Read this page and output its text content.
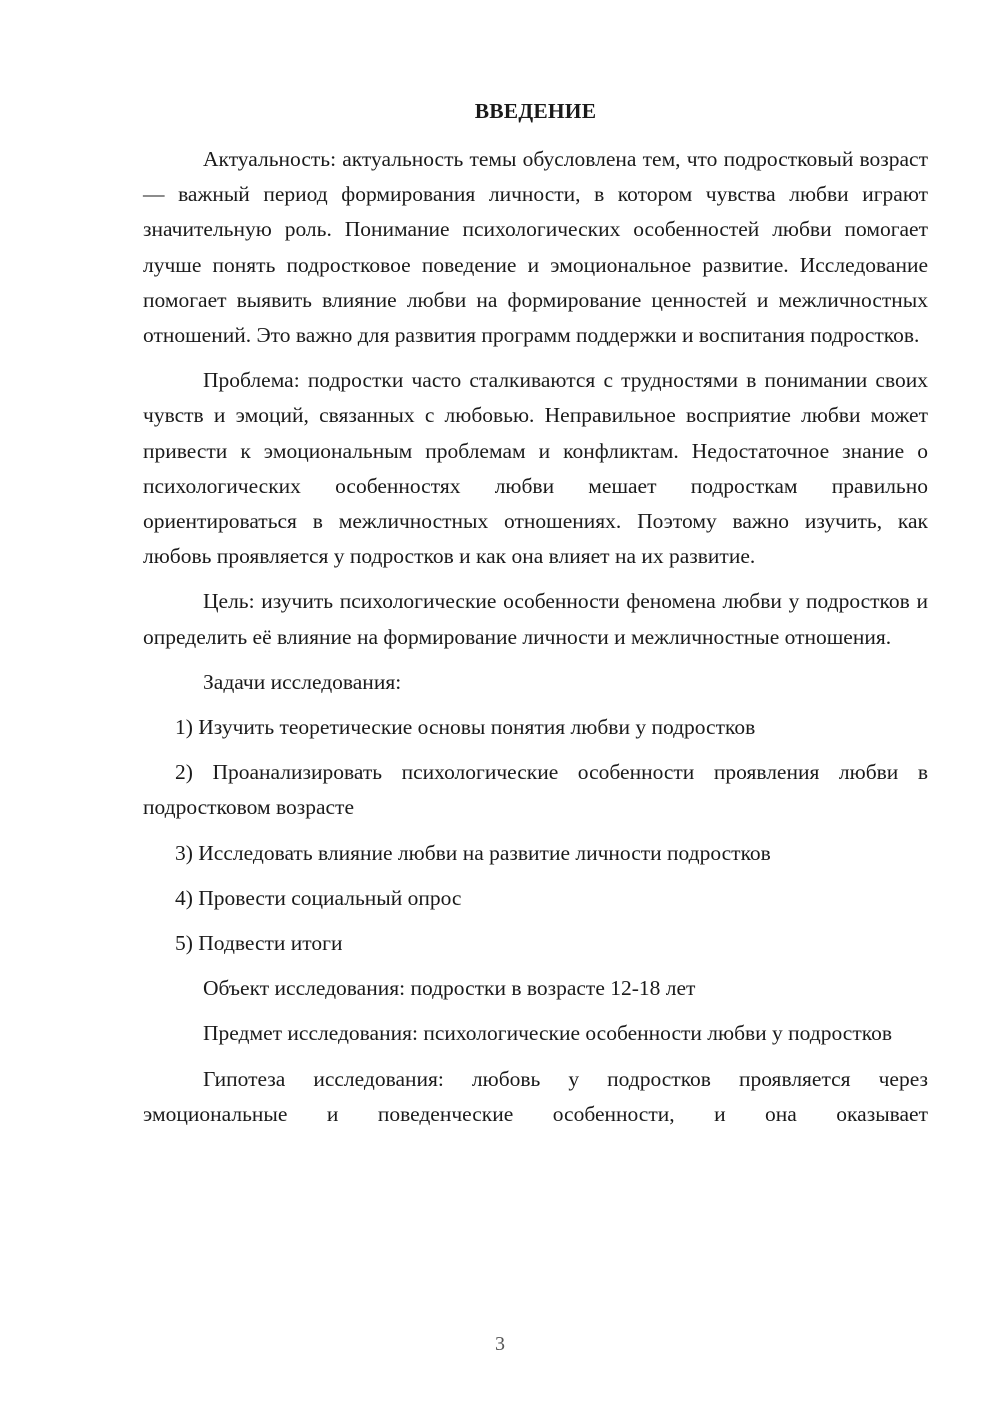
ВВЕДЕНИЕ

Актуальность: актуальность темы обусловлена тем, что подростковый возраст — важный период формирования личности, в котором чувства любви играют значительную роль. Понимание психологических особенностей любви помогает лучше понять подростковое поведение и эмоциональное развитие. Исследование помогает выявить влияние любви на формирование ценностей и межличностных отношений. Это важно для развития программ поддержки и воспитания подростков.

Проблема: подростки часто сталкиваются с трудностями в понимании своих чувств и эмоций, связанных с любовью. Неправильное восприятие любви может привести к эмоциональным проблемам и конфликтам. Недостаточное знание о психологических особенностях любви мешает подросткам правильно ориентироваться в межличностных отношениях. Поэтому важно изучить, как любовь проявляется у подростков и как она влияет на их развитие.

Цель: изучить психологические особенности феномена любви у подростков и определить её влияние на формирование личности и межличностные отношения.

Задачи исследования:

1) Изучить теоретические основы понятия любви у подростков

2) Проанализировать психологические особенности проявления любви в подростковом возрасте

3) Исследовать влияние любви на развитие личности подростков

4) Провести социальный опрос

5) Подвести итоги

Объект исследования: подростки в возрасте 12-18 лет

Предмет исследования: психологические особенности любви у подростков

Гипотеза исследования: любовь у подростков проявляется через эмоциональные и поведенческие особенности, и она оказывает

3
